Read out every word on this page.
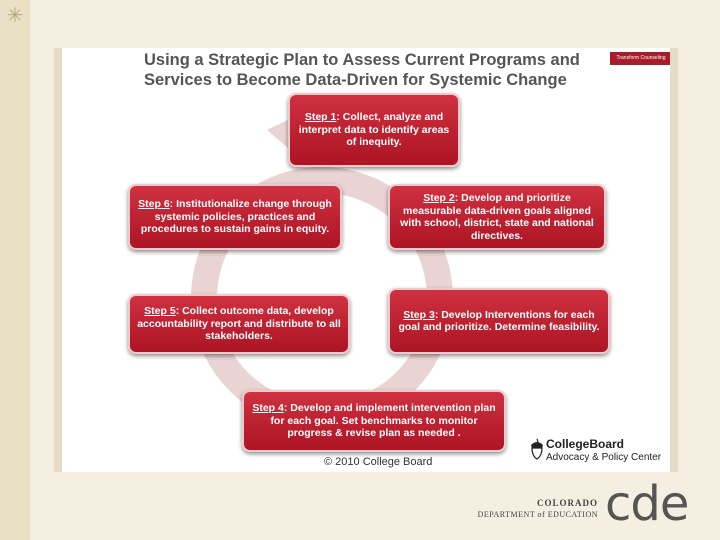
✳
Using a Strategic Plan to Assess Current Programs and
Services to Become Data-Driven for Systemic Change
Transform Counseling
Step 1: Collect, analyze and interpret data to identify areas of inequity.
Step 2: Develop and prioritize measurable data-driven goals aligned with school, district, state and national directives.
Step 3: Develop Interventions for each goal and prioritize. Determine feasibility.
Step 4: Develop and implement intervention plan for each goal. Set benchmarks to monitor progress & revise plan as needed .
Step 5: Collect outcome data, develop accountability report and distribute to all stakeholders.
Step 6: Institutionalize change through systemic policies, practices and procedures to sustain gains in equity.
© 2010 College Board
CollegeBoard
Advocacy & Policy Center
COLORADO
DEPARTMENT of EDUCATION cde
